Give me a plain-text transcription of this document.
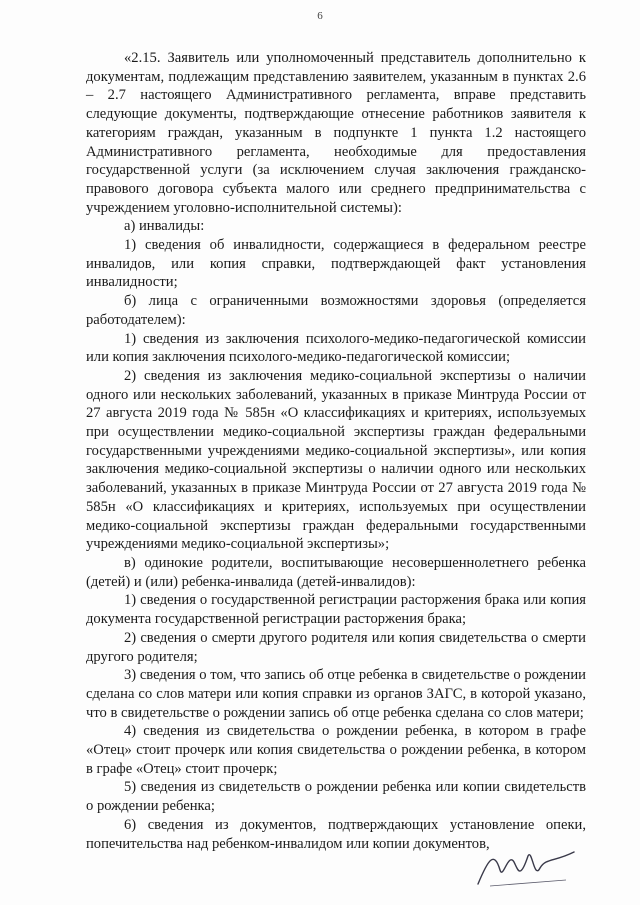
6

«2.15. Заявитель или уполномоченный представитель дополнительно к документам, подлежащим представлению заявителем, указанным в пунктах 2.6 – 2.7 настоящего Административного регламента, вправе представить следующие документы, подтверждающие отнесение работников заявителя к категориям граждан, указанным в подпункте 1 пункта 1.2 настоящего Административного регламента, необходимые для предоставления государственной услуги (за исключением случая заключения гражданско-правового договора субъекта малого или среднего предпринимательства с учреждением уголовно-исполнительной системы):

а) инвалиды:

1) сведения об инвалидности, содержащиеся в федеральном реестре инвалидов, или копия справки, подтверждающей факт установления инвалидности;

б) лица с ограниченными возможностями здоровья (определяется работодателем):

1) сведения из заключения психолого-медико-педагогической комиссии или копия заключения психолого-медико-педагогической комиссии;

2) сведения из заключения медико-социальной экспертизы о наличии одного или нескольких заболеваний, указанных в приказе Минтруда России от 27 августа 2019 года № 585н «О классификациях и критериях, используемых при осуществлении медико-социальной экспертизы граждан федеральными государственными учреждениями медико-социальной экспертизы», или копия заключения медико-социальной экспертизы о наличии одного или нескольких заболеваний, указанных в приказе Минтруда России от 27 августа 2019 года № 585н «О классификациях и критериях, используемых при осуществлении медико-социальной экспертизы граждан федеральными государственными учреждениями медико-социальной экспертизы»;

в) одинокие родители, воспитывающие несовершеннолетнего ребенка (детей) и (или) ребенка-инвалида (детей-инвалидов):

1) сведения о государственной регистрации расторжения брака или копия документа государственной регистрации расторжения брака;

2) сведения о смерти другого родителя или копия свидетельства о смерти другого родителя;

3) сведения о том, что запись об отце ребенка в свидетельстве о рождении сделана со слов матери или копия справки из органов ЗАГС, в которой указано, что в свидетельстве о рождении запись об отце ребенка сделана со слов матери;

4) сведения из свидетельства о рождении ребенка, в котором в графе «Отец» стоит прочерк или копия свидетельства о рождении ребенка, в котором в графе «Отец» стоит прочерк;

5) сведения из свидетельств о рождении ребенка или копии свидетельств о рождении ребенка;

6) сведения из документов, подтверждающих установление опеки, попечительства над ребенком-инвалидом или копии документов,
